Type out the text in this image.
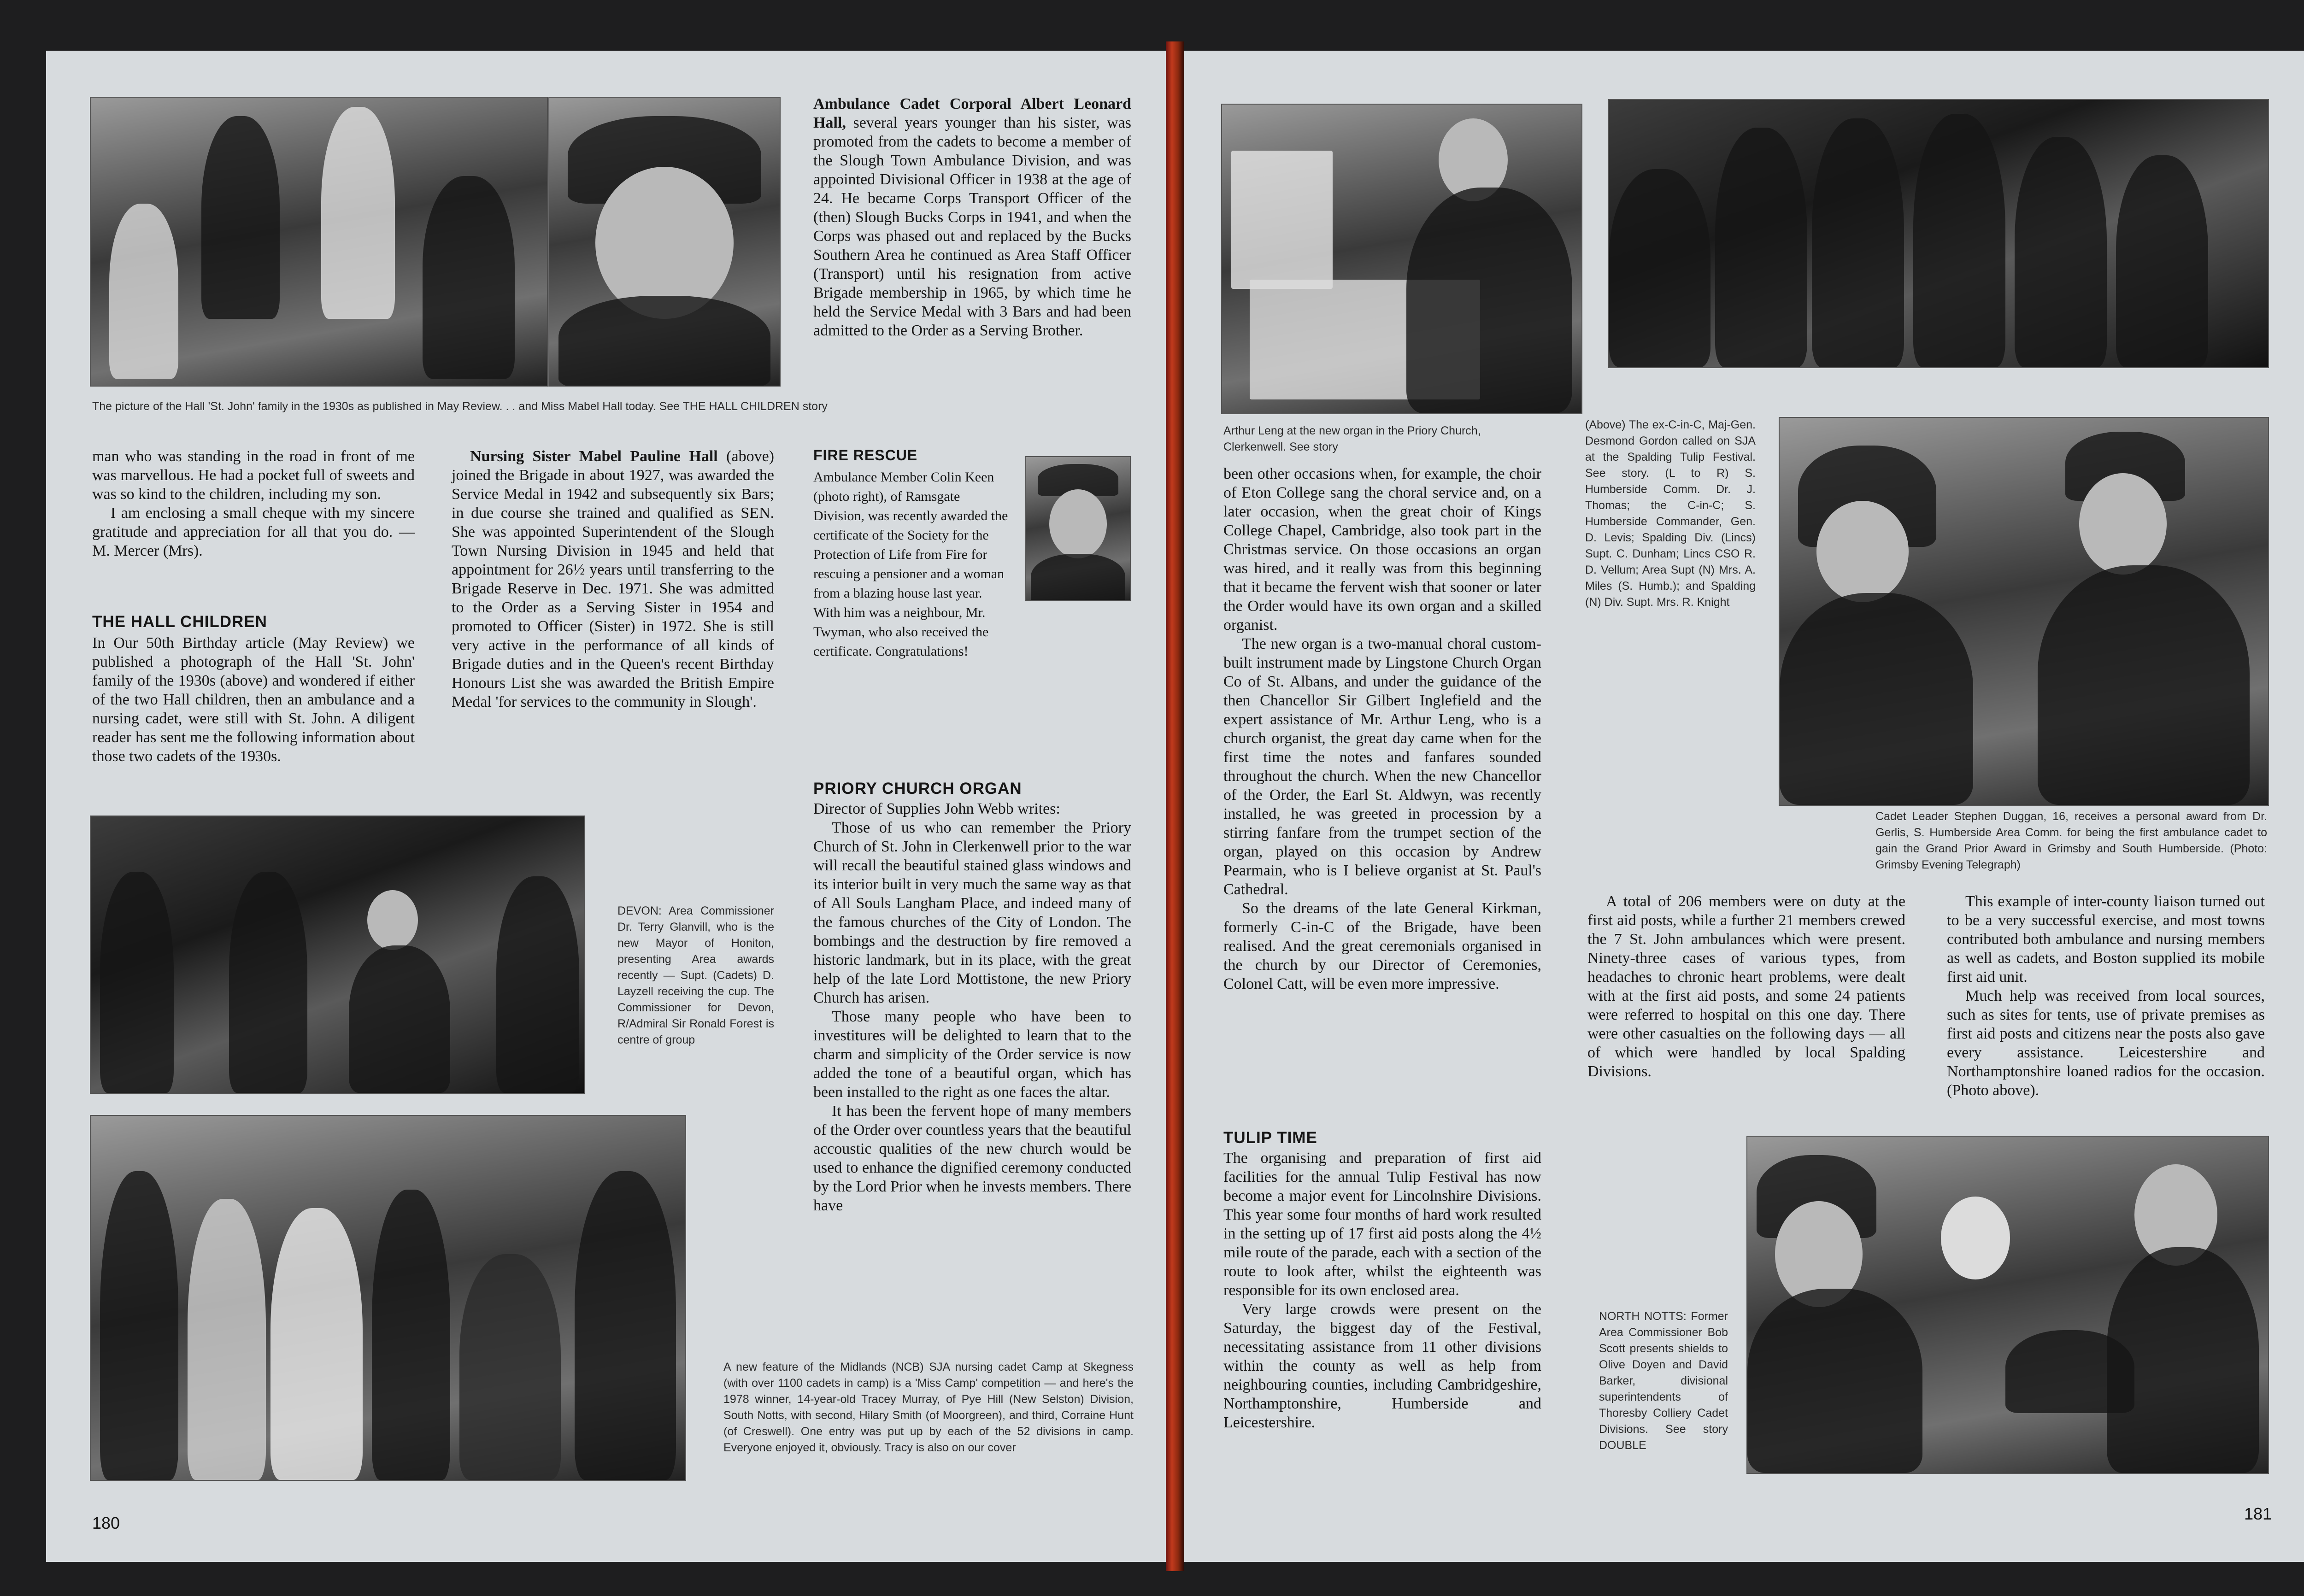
The picture of the Hall 'St. John' family in the 1930s as published in May Review. . . and Miss Mabel Hall today. See THE HALL CHILDREN story

man who was standing in the road in front of me was marvellous. He had a pocket full of sweets and was so kind to the children, including my son.

I am enclosing a small cheque with my sincere gratitude and appreciation for all that you do. — M. Mercer (Mrs).

THE HALL CHILDREN

In Our 50th Birthday article (May Review) we published a photograph of the Hall 'St. John' family of the 1930s (above) and wondered if either of the two Hall children, then an ambulance and a nursing cadet, were still with St. John. A diligent reader has sent me the following information about those two cadets of the 1930s.

Nursing Sister Mabel Pauline Hall (above) joined the Brigade in about 1927, was awarded the Service Medal in 1942 and subsequently six Bars; in due course she trained and qualified as SEN. She was appointed Superintendent of the Slough Town Nursing Division in 1945 and held that appointment for 26½ years until transferring to the Brigade Reserve in Dec. 1971. She was admitted to the Order as a Serving Sister in 1954 and promoted to Officer (Sister) in 1972. She is still very active in the performance of all kinds of Brigade duties and in the Queen's recent Birthday Honours List she was awarded the British Empire Medal 'for services to the community in Slough'.

Ambulance Cadet Corporal Albert Leonard Hall, several years younger than his sister, was promoted from the cadets to become a member of the Slough Town Ambulance Division, and was appointed Divisional Officer in 1938 at the age of 24. He became Corps Transport Officer of the (then) Slough Bucks Corps in 1941, and when the Corps was phased out and replaced by the Bucks Southern Area he continued as Area Staff Officer (Transport) until his resignation from active Brigade membership in 1965, by which time he held the Service Medal with 3 Bars and had been admitted to the Order as a Serving Brother.

FIRE RESCUE

Ambulance Member Colin Keen (photo right), of Ramsgate Division, was recently awarded the certificate of the Society for the Protection of Life from Fire for rescuing a pensioner and a woman from a blazing house last year. With him was a neighbour, Mr. Twyman, who also received the certificate. Congratulations!

DEVON: Area Commissioner Dr. Terry Glanvill, who is the new Mayor of Honiton, presenting Area awards recently — Supt. (Cadets) D. Layzell receiving the cup. The Commissioner for Devon, R/Admiral Sir Ronald Forest is centre of group
PRIORY CHURCH ORGAN

Director of Supplies John Webb writes:

Those of us who can remember the Priory Church of St. John in Clerkenwell prior to the war will recall the beautiful stained glass windows and its interior built in very much the same way as that of All Souls Langham Place, and indeed many of the famous churches of the City of London. The bombings and the destruction by fire removed a historic landmark, but in its place, with the great help of the late Lord Mottistone, the new Priory Church has arisen.

Those many people who have been to investitures will be delighted to learn that to the charm and simplicity of the Order service is now added the tone of a beautiful organ, which has been installed to the right as one faces the altar.

It has been the fervent hope of many members of the Order over countless years that the beautiful accoustic qualities of the new church would be used to enhance the dignified ceremony conducted by the Lord Prior when he invests members. There have

A new feature of the Midlands (NCB) SJA nursing cadet Camp at Skegness (with over 1100 cadets in camp) is a 'Miss Camp' competition — and here's the 1978 winner, 14-year-old Tracey Murray, of Pye Hill (New Selston) Division, South Notts, with second, Hilary Smith (of Moorgreen), and third, Corraine Hunt (of Creswell). One entry was put up by each of the 52 divisions in camp. Everyone enjoyed it, obviously. Tracy is also on our cover
180
Arthur Leng at the new organ in the Priory Church, Clerkenwell. See story
(Above) The ex-C-in-C, Maj-Gen. Desmond Gordon called on SJA at the Spalding Tulip Festival. See story. (L to R) S. Humberside Comm. Dr. J. Thomas; the C-in-C; S. Humberside Commander, Gen. D. Levis; Spalding Div. (Lincs) Supt. C. Dunham; Lincs CSO R. D. Vellum; Area Supt (N) Mrs. A. Miles (S. Humb.); and Spalding (N) Div. Supt. Mrs. R. Knight
Cadet Leader Stephen Duggan, 16, receives a personal award from Dr. Gerlis, S. Humberside Area Comm. for being the first ambulance cadet to gain the Grand Prior Award in Grimsby and South Humberside. (Photo: Grimsby Evening Telegraph)

been other occasions when, for example, the choir of Eton College sang the choral service and, on a later occasion, when the great choir of Kings College Chapel, Cambridge, also took part in the Christmas service. On those occasions an organ was hired, and it really was from this beginning that it became the fervent wish that sooner or later the Order would have its own organ and a skilled organist.

The new organ is a two-manual choral custom-built instrument made by Lingstone Church Organ Co of St. Albans, and under the guidance of the then Chancellor Sir Gilbert Inglefield and the expert assistance of Mr. Arthur Leng, who is a church organist, the great day came when for the first time the notes and fanfares sounded throughout the church. When the new Chancellor of the Order, the Earl St. Aldwyn, was recently installed, he was greeted in procession by a stirring fanfare from the trumpet section of the organ, played on this occasion by Andrew Pearmain, who is I believe organist at St. Paul's Cathedral.

So the dreams of the late General Kirkman, formerly C-in-C of the Brigade, have been realised. And the great ceremonials organised in the church by our Director of Ceremonies, Colonel Catt, will be even more impressive.

TULIP TIME

The organising and preparation of first aid facilities for the annual Tulip Festival has now become a major event for Lincolnshire Divisions. This year some four months of hard work resulted in the setting up of 17 first aid posts along the 4½ mile route of the parade, each with a section of the route to look after, whilst the eighteenth was responsible for its own enclosed area.

Very large crowds were present on the Saturday, the biggest day of the Festival, necessitating assistance from 11 other divisions within the county as well as help from neighbouring counties, including Cambridgeshire, Northamptonshire, Humberside and Leicestershire.

A total of 206 members were on duty at the first aid posts, while a further 21 members crewed the 7 St. John ambulances which were present. Ninety-three cases of various types, from headaches to chronic heart problems, were dealt with at the first aid posts, and some 24 patients were referred to hospital on this one day. There were other casualties on the following days — all of which were handled by local Spalding Divisions.

This example of inter-county liaison turned out to be a very successful exercise, and most towns contributed both ambulance and nursing members as well as cadets, and Boston supplied its mobile first aid unit.

Much help was received from local sources, such as sites for tents, use of private premises as first aid posts and citizens near the posts also gave every assistance. Leicestershire and Northamptonshire loaned radios for the occasion. (Photo above).

NORTH NOTTS: Former Area Commissioner Bob Scott presents shields to Olive Doyen and David Barker, divisional superintendents of Thoresby Colliery Cadet Divisions. See story DOUBLE
181
